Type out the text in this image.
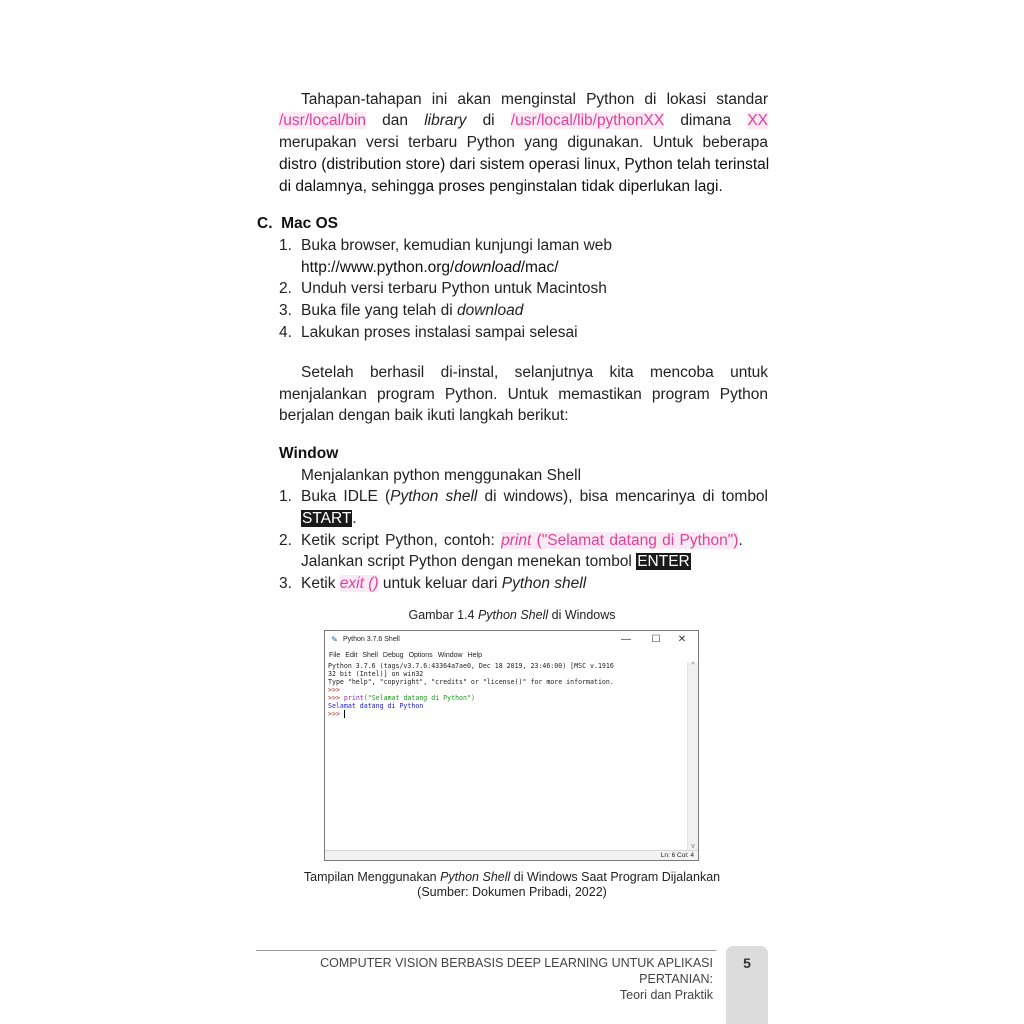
Tahapan-tahapan ini akan menginstal Python di lokasi standar
/usr/local/bin dan library di /usr/local/lib/pythonXX dimana XX
merupakan versi terbaru Python yang digunakan. Untuk beberapa
distro (distribution store) dari sistem operasi linux, Python telah terinstal
di dalamnya, sehingga proses penginstalan tidak diperlukan lagi.
C.  Mac OS
1. Buka browser, kemudian kunjungi laman web
http://www.python.org/download/mac/
2. Unduh versi terbaru Python untuk Macintosh
3. Buka file yang telah di download
4. Lakukan proses instalasi sampai selesai
Setelah berhasil di-instal, selanjutnya kita mencoba untuk
menjalankan program Python. Untuk memastikan program Python
berjalan dengan baik ikuti langkah berikut:
Window
Menjalankan python menggunakan Shell
1. Buka IDLE (Python shell di windows), bisa mencarinya di tombol
START.
2. Ketik script Python, contoh: print ("Selamat datang di Python").
Jalankan script Python dengan menekan tombol ENTER
3. Ketik exit () untuk keluar dari Python shell
Gambar 1.4 Python Shell di Windows
✎ Python 3.7.6 Shell	—	☐	✕
File Edit Shell Debug Options Window Help
Python 3.7.6 (tags/v3.7.6:43364a7ae0, Dec 18 2019, 23:46:00) [MSC v.1916
32 bit (Intel)] on win32
Type "help", "copyright", "credits" or "license()" for more information.
>>>
>>> print("Selamat datang di Python")
Selamat datang di Python
>>>
^
v
Ln: 6 Col: 4
Tampilan Menggunakan Python Shell di Windows Saat Program Dijalankan
(Sumber: Dokumen Pribadi, 2022)
COMPUTER VISION BERBASIS DEEP LEARNING UNTUK APLIKASI PERTANIAN:
Teori dan Praktik
5
